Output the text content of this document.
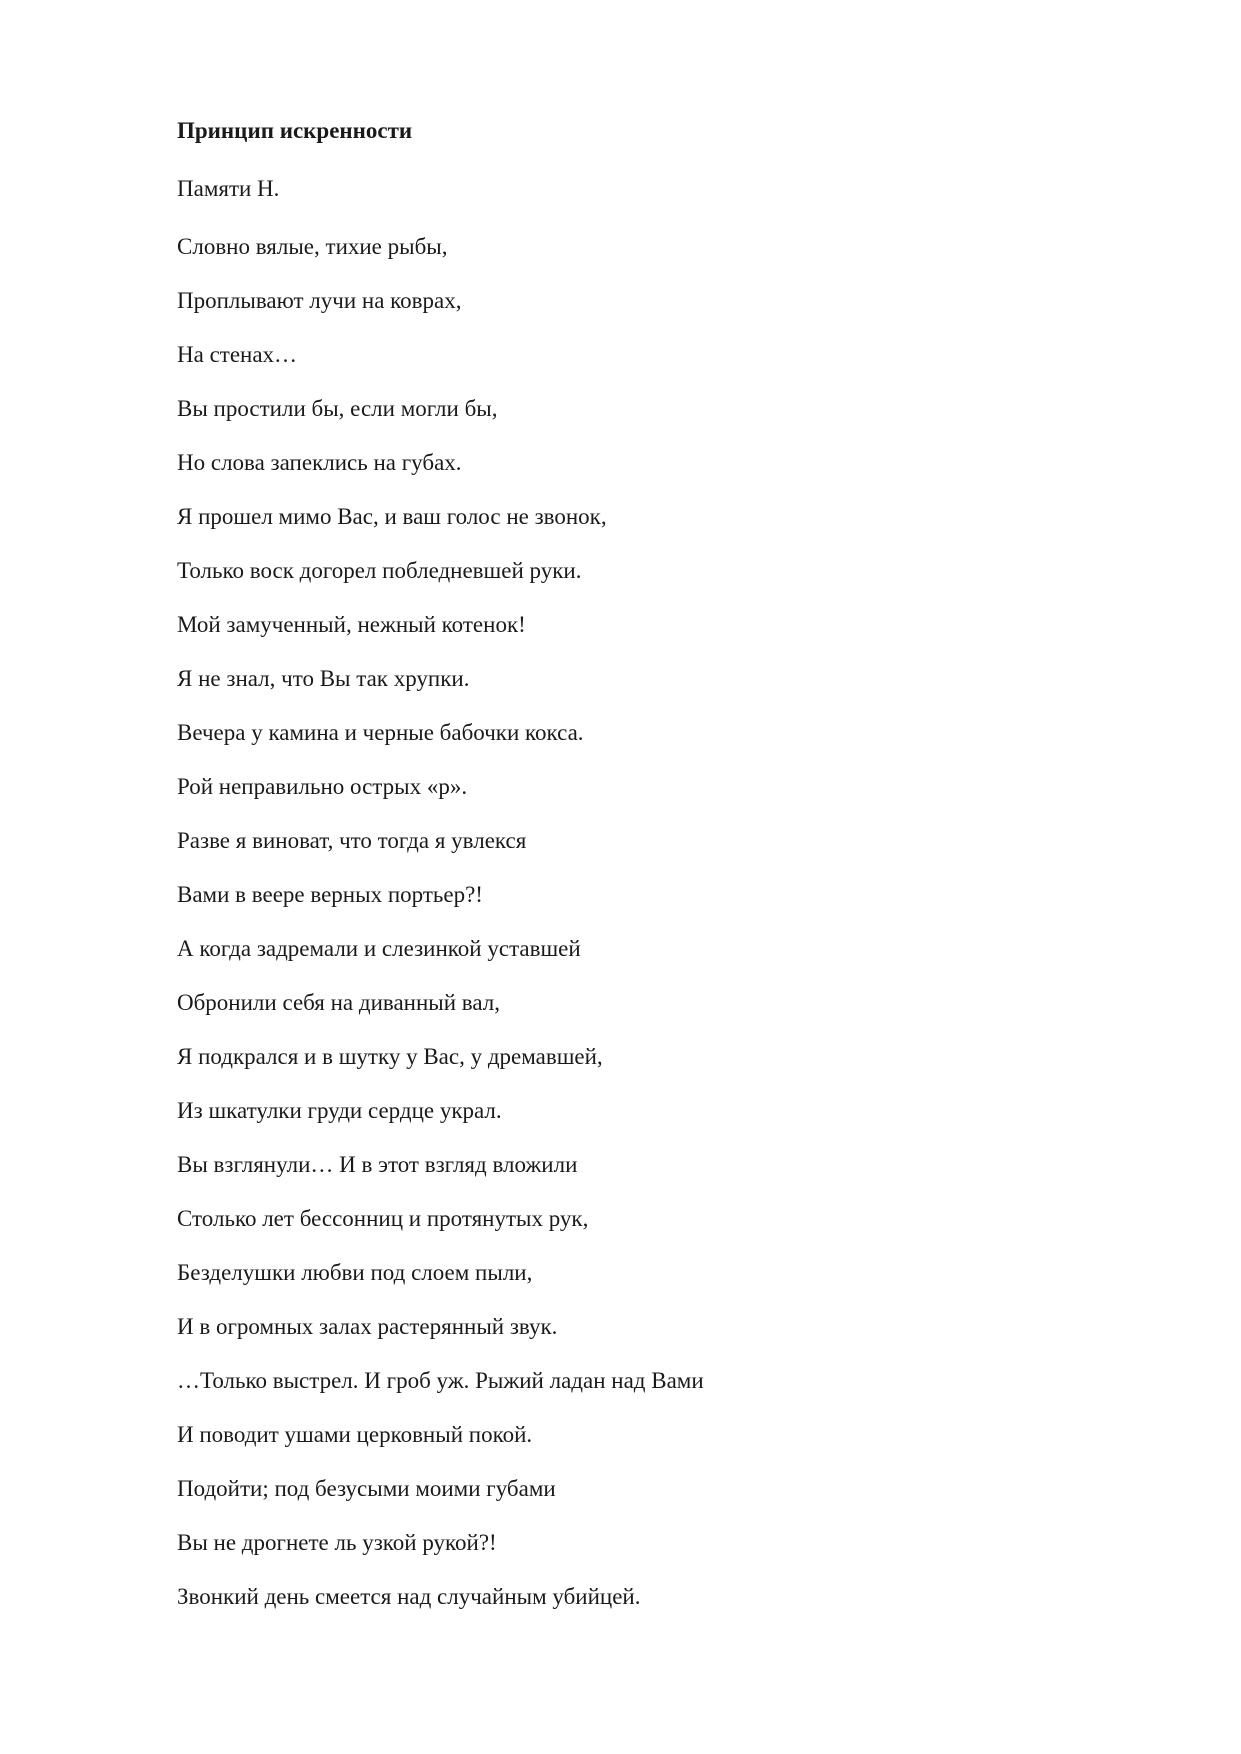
Принцип искренности

Памяти Н.

Словно вялые, тихие рыбы,
Проплывают лучи на коврах,
На стенах…
Вы простили бы, если могли бы,
Но слова запеклись на губах.
Я прошел мимо Вас, и ваш голос не звонок,
Только воск догорел побледневшей руки.
Мой замученный, нежный котенок!
Я не знал, что Вы так хрупки.
Вечера у камина и черные бабочки кокса.
Рой неправильно острых «р».
Разве я виноват, что тогда я увлекся
Вами в веере верных портьер?!
А когда задремали и слезинкой уставшей
Обронили себя на диванный вал,
Я подкрался и в шутку у Вас, у дремавшей,
Из шкатулки груди сердце украл.
Вы взглянули… И в этот взгляд вложили
Столько лет бессонниц и протянутых рук,
Безделушки любви под слоем пыли,
И в огромных залах растерянный звук.
…Только выстрел. И гроб уж. Рыжий ладан над Вами
И поводит ушами церковный покой.
Подойти; под безусыми моими губами
Вы не дрогнете ль узкой рукой?!
Звонкий день смеется над случайным убийцей.
